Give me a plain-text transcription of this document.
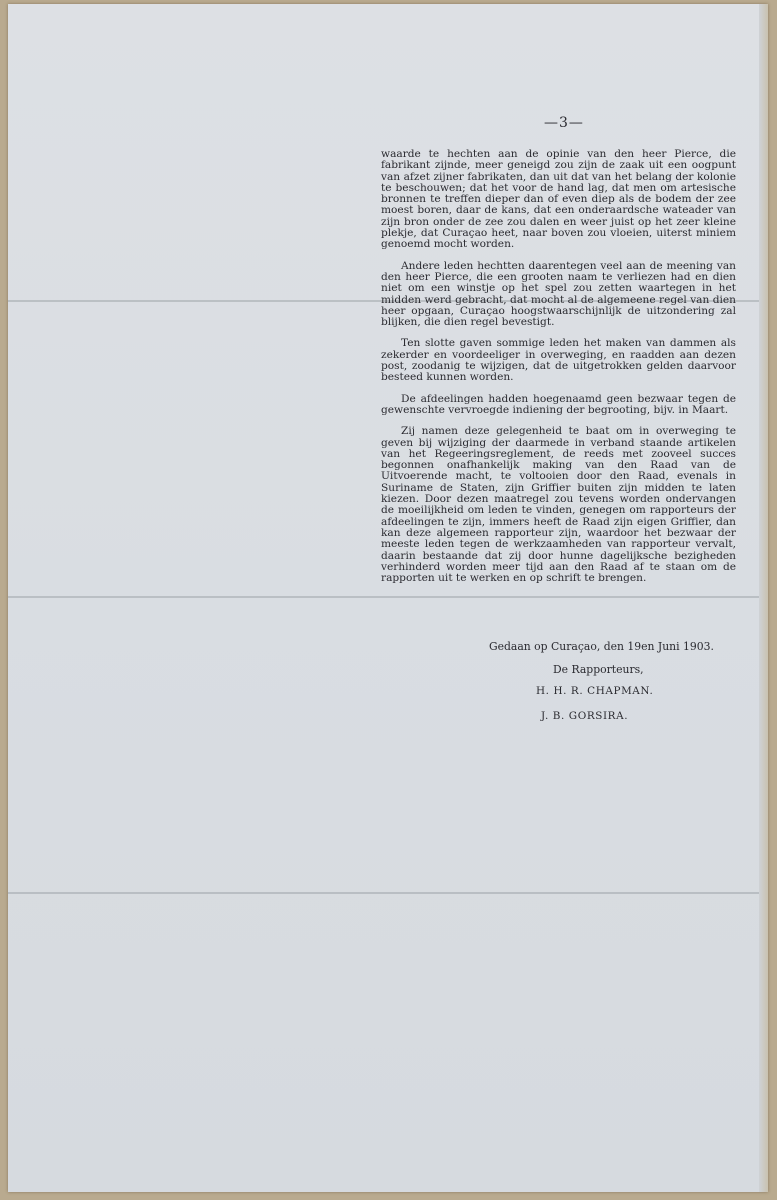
—3—

waarde te hechten aan de opinie van den heer Pierce, die fabrikant zijnde, meer geneigd zou zijn de zaak uit een oogpunt van afzet zijner fabrikaten, dan uit dat van het belang der kolonie te beschouwen; dat het voor de hand lag, dat men om artesische bronnen te treffen dieper dan of even diep als de bodem der zee moest boren, daar de kans, dat een onderaardsche wateader van zijn bron onder de zee zou dalen en weer juist op het zeer kleine plekje, dat Curaçao heet, naar boven zou vloeien, uiterst miniem genoemd mocht worden.

Andere leden hechtten daarentegen veel aan de meening van den heer Pierce, die een grooten naam te verliezen had en dien niet om een winstje op het spel zou zetten waartegen in het midden werd gebracht, dat mocht al de algemeene regel van dien heer opgaan, Curaçao hoogstwaarschijnlijk de uitzondering zal blijken, die dien regel bevestigt.

Ten slotte gaven sommige leden het maken van dammen als zekerder en voordeeliger in overweging, en raadden aan dezen post, zoodanig te wijzigen, dat de uitgetrokken gelden daarvoor besteed kunnen worden.

De afdeelingen hadden hoegenaamd geen bezwaar tegen de gewenschte vervroegde indiening der begrooting, bijv. in Maart.

Zij namen deze gelegenheid te baat om in overweging te geven bij wijziging der daarmede in verband staande artikelen van het Regeeringsreglement, de reeds met zooveel succes begonnen onafhankelijk making van den Raad van de Uitvoerende macht, te voltooien door den Raad, evenals in Suriname de Staten, zijn Griffier buiten zijn midden te laten kiezen. Door dezen maatregel zou tevens worden ondervangen de moeilijkheid om leden te vinden, genegen om rapporteurs der afdeelingen te zijn, immers heeft de Raad zijn eigen Griffier, dan kan deze algemeen rapporteur zijn, waardoor het bezwaar der meeste leden tegen de werkzaamheden van rapporteur vervalt, daarin bestaande dat zij door hunne dagelijksche bezigheden verhinderd worden meer tijd aan den Raad af te staan om de rapporten uit te werken en op schrift te brengen.

Gedaan op Curaçao, den 19en Juni 1903.
De Rapporteurs,
H. H. R. CHAPMAN.
J. B. GORSIRA.
